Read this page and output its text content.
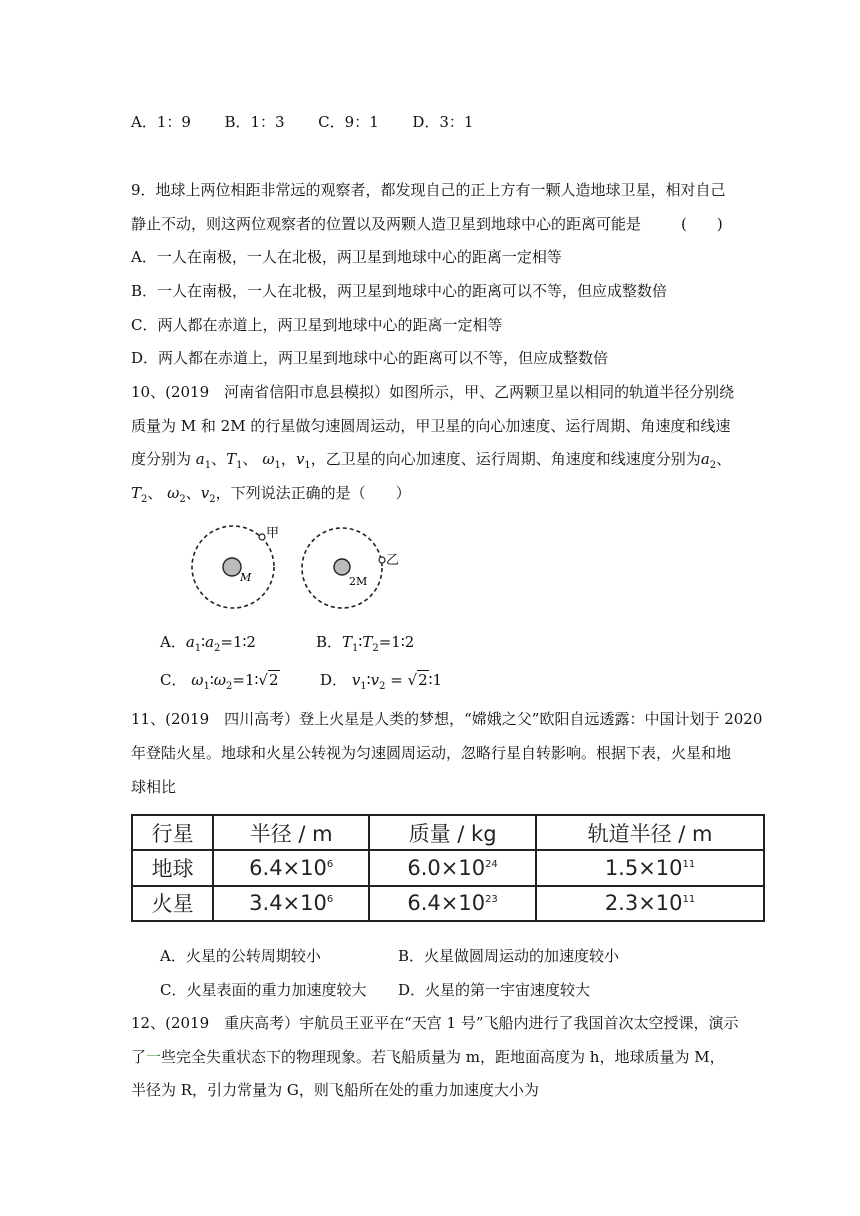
A．1：9 B．1：3 C．9：1 D．3：1
9．地球上两位相距非常远的观察者，都发现自己的正上方有一颗人造地球卫星，相对自己
静止不动，则这两位观察者的位置以及两颗人造卫星到地球中心的距离可能是	(　　)
A．一人在南极，一人在北极，两卫星到地球中心的距离一定相等
B．一人在南极，一人在北极，两卫星到地球中心的距离可以不等，但应成整数倍
C．两人都在赤道上，两卫星到地球中心的距离一定相等
D．两人都在赤道上，两卫星到地球中心的距离可以不等，但应成整数倍
10、(2019　河南省信阳市息县模拟）如图所示，甲、乙两颗卫星以相同的轨道半径分别绕
质量为 M 和 2M 的行星做匀速圆周运动，甲卫星的向心加速度、运行周期、角速度和线速
度分别为 $a_1$、$T_1$、 $\omega_1$，$v_1$，乙卫星的向心加速度、运行周期、角速度和线速度分别为$a_2$、
$T_2$、 $\omega_2$、$v_2$，下列说法正确的是（　　）
甲
M
乙
2M
A．$a_1∶a_2=1∶2$	B．$T_1∶T_2=1∶2$
C． $\omega_1∶\omega_2=1∶√2$	D． $v_1∶v_2$ = √2∶1
11、(2019　四川高考）登上火星是人类的梦想，“嫦娥之父”欧阳自远透露：中国计划于 2020
年登陆火星。地球和火星公转视为匀速圆周运动，忽略行星自转影响。根据下表，火星和地
球相比
行星	半径 / m	质量 / kg	轨道半径 / m
地球	$6.4\times 10^6$	$6.0\times 10^{24}$	$1.5\times 10^{11}$
火星	$3.4\times 10^6$	$6.4\times 10^{23}$	$2.3\times 10^{11}$
A．火星的公转周期较小	B．火星做圆周运动的加速度较小
C．火星表面的重力加速度较大 D．火星的第一宇宙速度较大
12、(2019　重庆高考）宇航员王亚平在“天宫 1 号”飞船内进行了我国首次太空授课，演示
了一些完全失重状态下的物理现象。若飞船质量为 m，距地面高度为 h，地球质量为 M，
半径为 R，引力常量为 G，则飞船所在处的重力加速度大小为
